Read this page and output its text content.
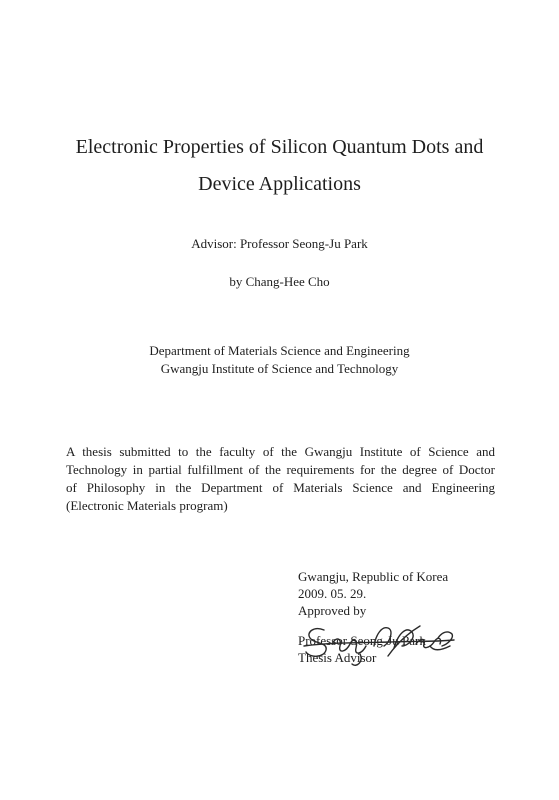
Electronic Properties of Silicon Quantum Dots and
Device Applications
Advisor: Professor Seong-Ju Park
by Chang-Hee Cho
Department of Materials Science and Engineering
Gwangju Institute of Science and Technology
A thesis submitted to the faculty of the Gwangju Institute of Science and
Technology in partial fulfillment of the requirements for the degree of Doctor
of Philosophy in the Department of Materials Science and Engineering
(Electronic Materials program)
Gwangju, Republic of Korea
2009. 05. 29.
Approved by
Professor Seong-Ju Park
Thesis Advisor
